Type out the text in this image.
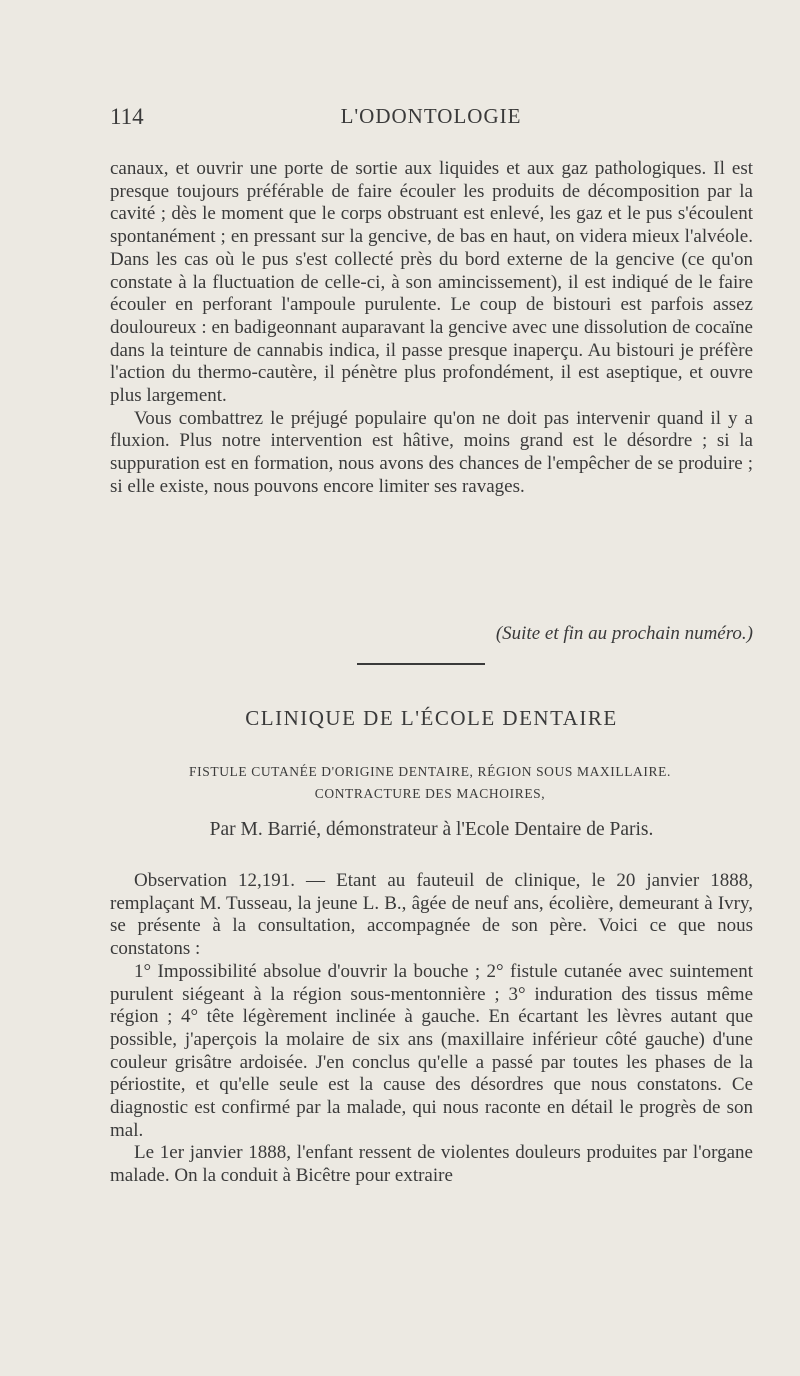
114	L'ODONTOLOGIE

canaux, et ouvrir une porte de sortie aux liquides et aux gaz pathologiques. Il est presque toujours préférable de faire écouler les produits de décomposition par la cavité ; dès le moment que le corps obstruant est enlevé, les gaz et le pus s'écoulent spontanément ; en pressant sur la gencive, de bas en haut, on videra mieux l'alvéole. Dans les cas où le pus s'est collecté près du bord externe de la gencive (ce qu'on constate à la fluctuation de celle-ci, à son amincissement), il est indiqué de le faire écouler en perforant l'ampoule purulente. Le coup de bistouri est parfois assez douloureux : en badigeonnant auparavant la gencive avec une dissolution de cocaïne dans la teinture de cannabis indica, il passe presque inaperçu. Au bistouri je préfère l'action du thermo-cautère, il pénètre plus profondément, il est aseptique, et ouvre plus largement.

Vous combattrez le préjugé populaire qu'on ne doit pas intervenir quand il y a fluxion. Plus notre intervention est hâtive, moins grand est le désordre ; si la suppuration est en formation, nous avons des chances de l'empêcher de se produire ; si elle existe, nous pouvons encore limiter ses ravages.

(Suite et fin au prochain numéro.)
CLINIQUE DE L'ÉCOLE DENTAIRE
FISTULE CUTANÉE D'ORIGINE DENTAIRE, RÉGION SOUS MAXILLAIRE.
CONTRACTURE DES MACHOIRES,
Par M. Barrié, démonstrateur à l'Ecole Dentaire de Paris.

Observation 12,191. — Etant au fauteuil de clinique, le 20 janvier 1888, remplaçant M. Tusseau, la jeune L. B., âgée de neuf ans, écolière, demeurant à Ivry, se présente à la consultation, accompagnée de son père. Voici ce que nous constatons :

1° Impossibilité absolue d'ouvrir la bouche ; 2° fistule cutanée avec suintement purulent siégeant à la région sous-mentonnière ; 3° induration des tissus même région ; 4° tête légèrement inclinée à gauche. En écartant les lèvres autant que possible, j'aperçois la molaire de six ans (maxillaire inférieur côté gauche) d'une couleur grisâtre ardoisée. J'en conclus qu'elle a passé par toutes les phases de la périostite, et qu'elle seule est la cause des désordres que nous constatons. Ce diagnostic est confirmé par la malade, qui nous raconte en détail le progrès de son mal.

Le 1er janvier 1888, l'enfant ressent de violentes douleurs produites par l'organe malade. On la conduit à Bicêtre pour extraire
